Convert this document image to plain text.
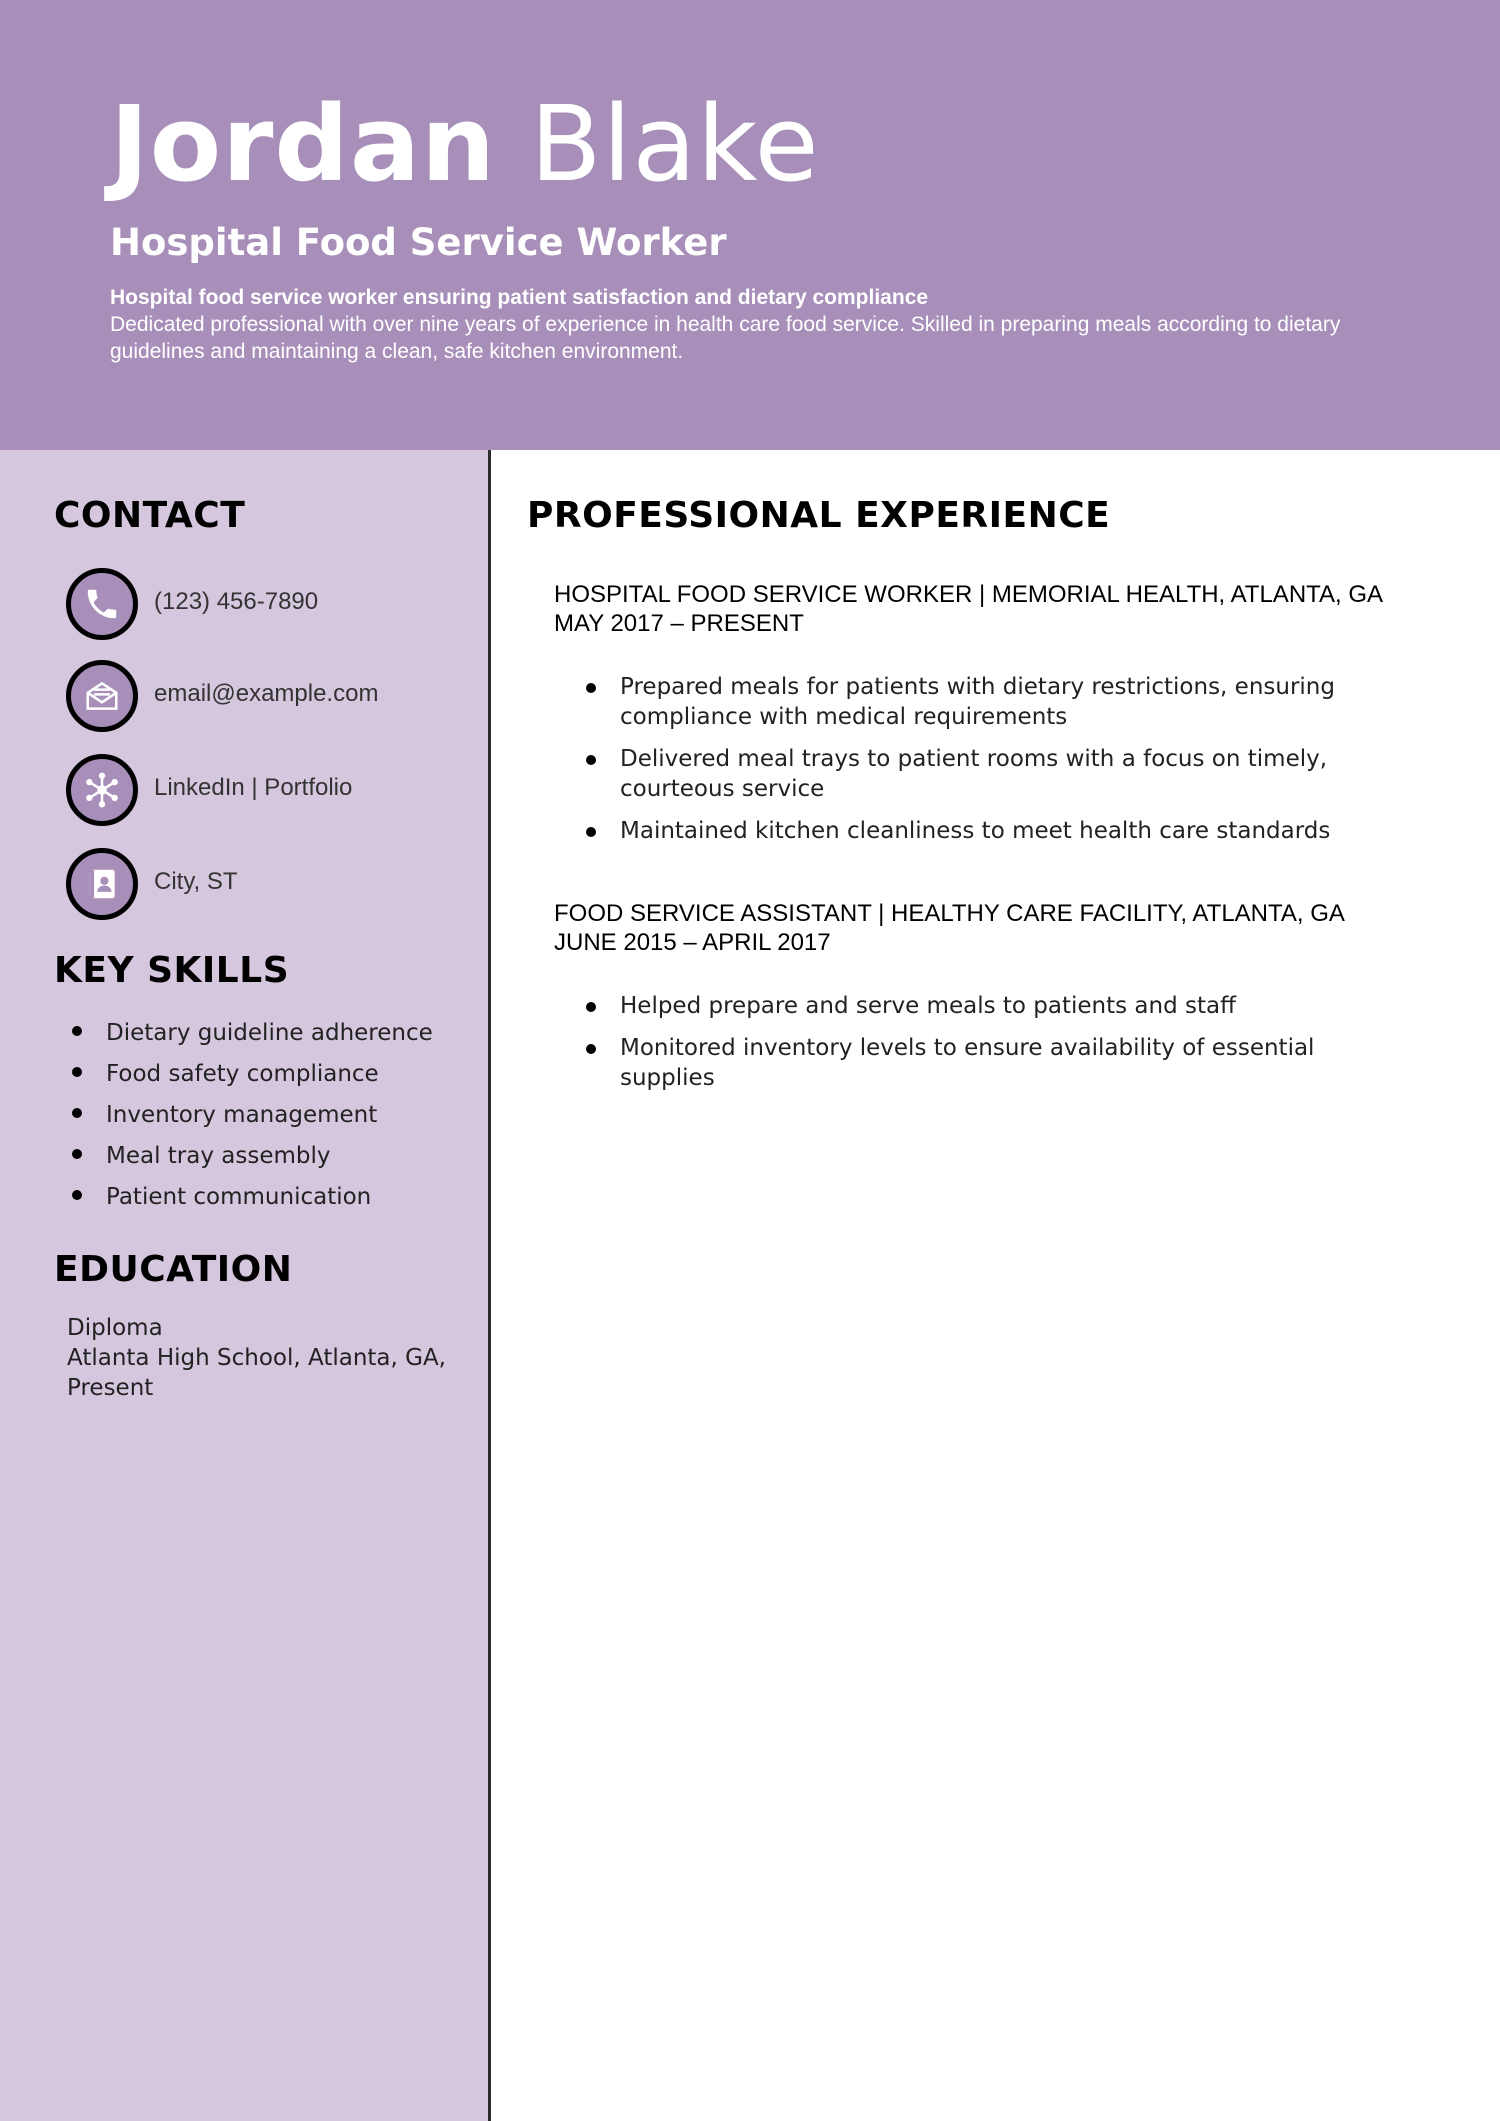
Jordan Blake
Hospital Food Service Worker
Hospital food service worker ensuring patient satisfaction and dietary compliance
Dedicated professional with over nine years of experience in health care food service. Skilled in preparing meals according to dietary guidelines and maintaining a clean, safe kitchen environment.
CONTACT
(123) 456-7890
email@example.com
LinkedIn | Portfolio
City, ST
KEY SKILLS
Dietary guideline adherence
Food safety compliance
Inventory management
Meal tray assembly
Patient communication
EDUCATION
Diploma
Atlanta High School, Atlanta, GA,
Present
PROFESSIONAL EXPERIENCE
HOSPITAL FOOD SERVICE WORKER | MEMORIAL HEALTH, ATLANTA, GA
MAY 2017 – PRESENT
Prepared meals for patients with dietary restrictions, ensuring compliance with medical requirements
Delivered meal trays to patient rooms with a focus on timely, courteous service
Maintained kitchen cleanliness to meet health care standards
FOOD SERVICE ASSISTANT | HEALTHY CARE FACILITY, ATLANTA, GA
JUNE 2015 – APRIL 2017
Helped prepare and serve meals to patients and staff
Monitored inventory levels to ensure availability of essential supplies
